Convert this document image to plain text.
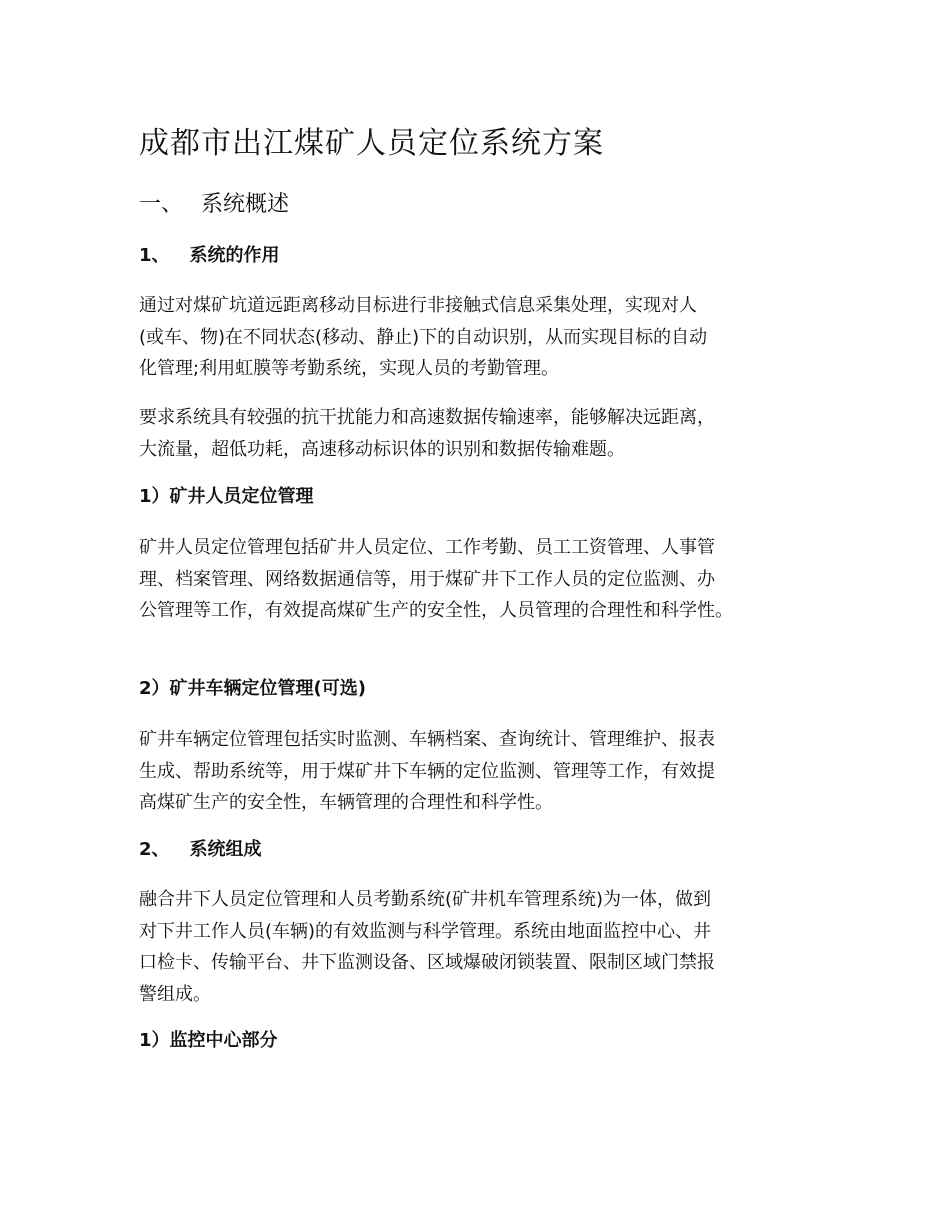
成都市出江煤矿人员定位系统方案
一、 系统概述
1、 系统的作用

通过对煤矿坑道远距离移动目标进行非接触式信息采集处理，实现对人
(或车、物)在不同状态(移动、静止)下的自动识别，从而实现目标的自动
化管理;利用虹膜等考勤系统，实现人员的考勤管理。

要求系统具有较强的抗干扰能力和高速数据传输速率，能够解决远距离，
大流量，超低功耗，高速移动标识体的识别和数据传输难题。

1）矿井人员定位管理

矿井人员定位管理包括矿井人员定位、工作考勤、员工工资管理、人事管
理、档案管理、网络数据通信等，用于煤矿井下工作人员的定位监测、办
公管理等工作，有效提高煤矿生产的安全性，人员管理的合理性和科学性。

2）矿井车辆定位管理(可选)

矿井车辆定位管理包括实时监测、车辆档案、查询统计、管理维护、报表
生成、帮助系统等，用于煤矿井下车辆的定位监测、管理等工作，有效提
高煤矿生产的安全性，车辆管理的合理性和科学性。

2、 系统组成

融合井下人员定位管理和人员考勤系统(矿井机车管理系统)为一体，做到
对下井工作人员(车辆)的有效监测与科学管理。系统由地面监控中心、井
口检卡、传输平台、井下监测设备、区域爆破闭锁装置、限制区域门禁报
警组成。

1）监控中心部分
